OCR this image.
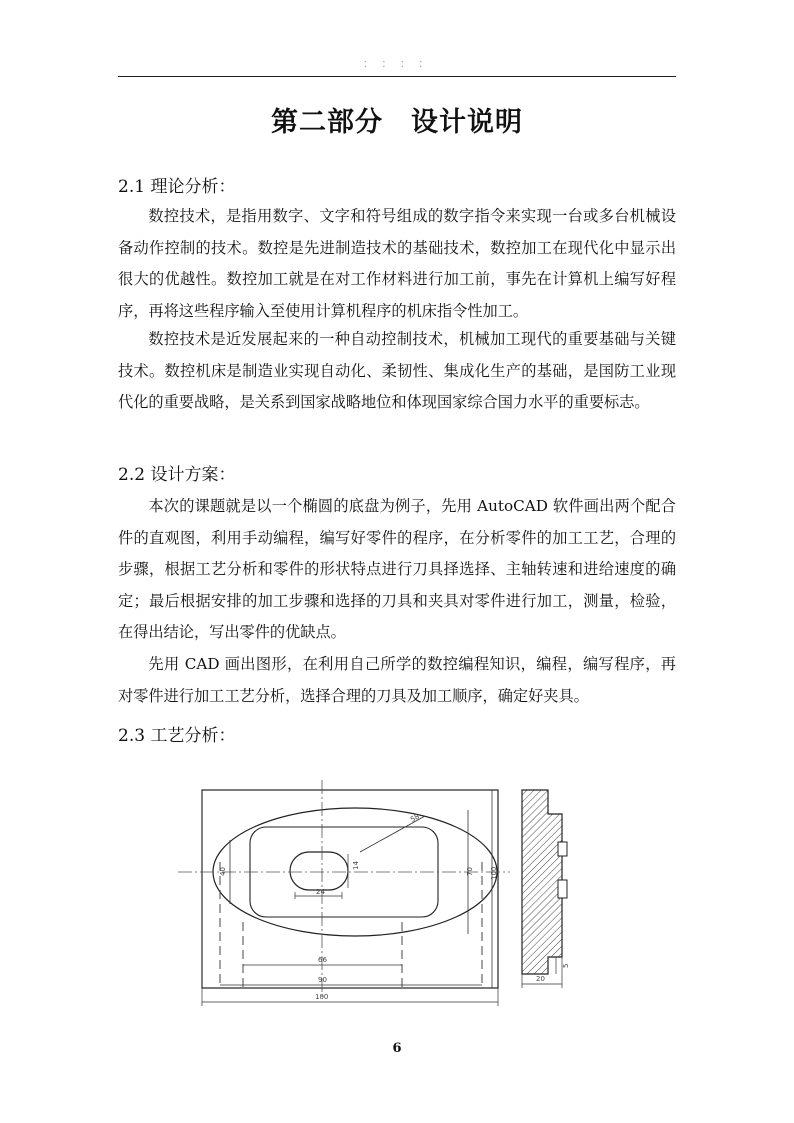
： ： ： ：
第二部分　设计说明
2.1 理论分析：

数控技术，是指用数字、文字和符号组成的数字指令来实现一台或多台机械设备动作控制的技术。数控是先进制造技术的基础技术，数控加工在现代化中显示出很大的优越性。数控加工就是在对工作材料进行加工前，事先在计算机上编写好程序，再将这些程序输入至使用计算机程序的机床指令性加工。

数控技术是近发展起来的一种自动控制技术，机械加工现代的重要基础与关键技术。数控机床是制造业实现自动化、柔韧性、集成化生产的基础，是国防工业现代化的重要战略，是关系到国家战略地位和体现国家综合国力水平的重要标志。

2.2 设计方案：

本次的课题就是以一个椭圆的底盘为例子，先用 AutoCAD 软件画出两个配合件的直观图，利用手动编程，编写好零件的程序，在分析零件的加工工艺，合理的步骤，根据工艺分析和零件的形状特点进行刀具择选择、主轴转速和进给速度的确定；最后根据安排的加工步骤和选择的刀具和夹具对零件进行加工，测量，检验，在得出结论，写出零件的优缺点。

先用 CAD 画出图形，在利用自己所学的数控编程知识，编程，编写程序，再对零件进行加工工艺分析，选择合理的刀具及加工顺序，确定好夹具。

2.3 工艺分析：
58
40
24
14
70 100
66
90
100
20
5
6
